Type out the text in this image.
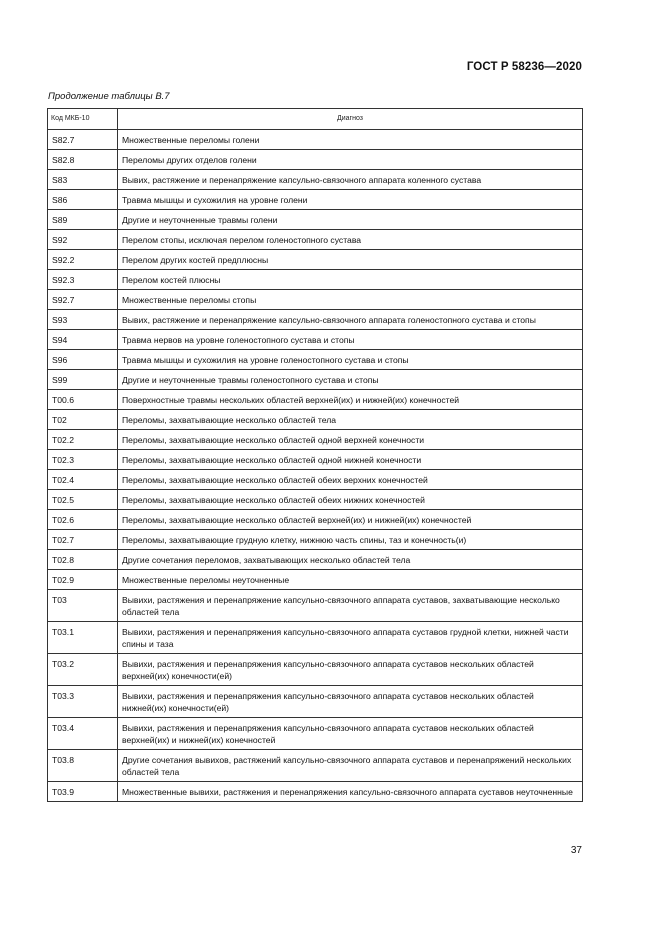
ГОСТ Р 58236—2020
Продолжение таблицы В.7
Код МКБ-10	Диагноз
S82.7	Множественные переломы голени
S82.8	Переломы других отделов голени
S83	Вывих, растяжение и перенапряжение капсульно-связочного аппарата коленного сустава
S86	Травма мышцы и сухожилия на уровне голени
S89	Другие и неуточненные травмы голени
S92	Перелом стопы, исключая перелом голеностопного сустава
S92.2	Перелом других костей предплюсны
S92.3	Перелом костей плюсны
S92.7	Множественные переломы стопы
S93	Вывих, растяжение и перенапряжение капсульно-связочного аппарата голеностопного сустава и стопы
S94	Травма нервов на уровне голеностопного сустава и стопы
S96	Травма мышцы и сухожилия на уровне голеностопного сустава и стопы
S99	Другие и неуточненные травмы голеностопного сустава и стопы
T00.6	Поверхностные травмы нескольких областей верхней(их) и нижней(их) конечностей
T02	Переломы, захватывающие несколько областей тела
T02.2	Переломы, захватывающие несколько областей одной верхней конечности
T02.3	Переломы, захватывающие несколько областей одной нижней конечности
T02.4	Переломы, захватывающие несколько областей обеих верхних конечностей
T02.5	Переломы, захватывающие несколько областей обеих нижних конечностей
T02.6	Переломы, захватывающие несколько областей верхней(их) и нижней(их) конечностей
T02.7	Переломы, захватывающие грудную клетку, нижнюю часть спины, таз и конечность(и)
T02.8	Другие сочетания переломов, захватывающих несколько областей тела
T02.9	Множественные переломы неуточненные
T03	Вывихи, растяжения и перенапряжение капсульно-связочного аппарата суставов, захватывающие несколько областей тела
T03.1	Вывихи, растяжения и перенапряжения капсульно-связочного аппарата суставов грудной клетки, нижней части спины и таза
T03.2	Вывихи, растяжения и перенапряжения капсульно-связочного аппарата суставов нескольких областей верхней(их) конечности(ей)
T03.3	Вывихи, растяжения и перенапряжения капсульно-связочного аппарата суставов нескольких областей нижней(их) конечности(ей)
T03.4	Вывихи, растяжения и перенапряжения капсульно-связочного аппарата суставов нескольких областей верхней(их) и нижней(их) конечностей
T03.8	Другие сочетания вывихов, растяжений капсульно-связочного аппарата суставов и перенапряжений нескольких областей тела
T03.9	Множественные вывихи, растяжения и перенапряжения капсульно-связочного аппарата суставов неуточненные
37
